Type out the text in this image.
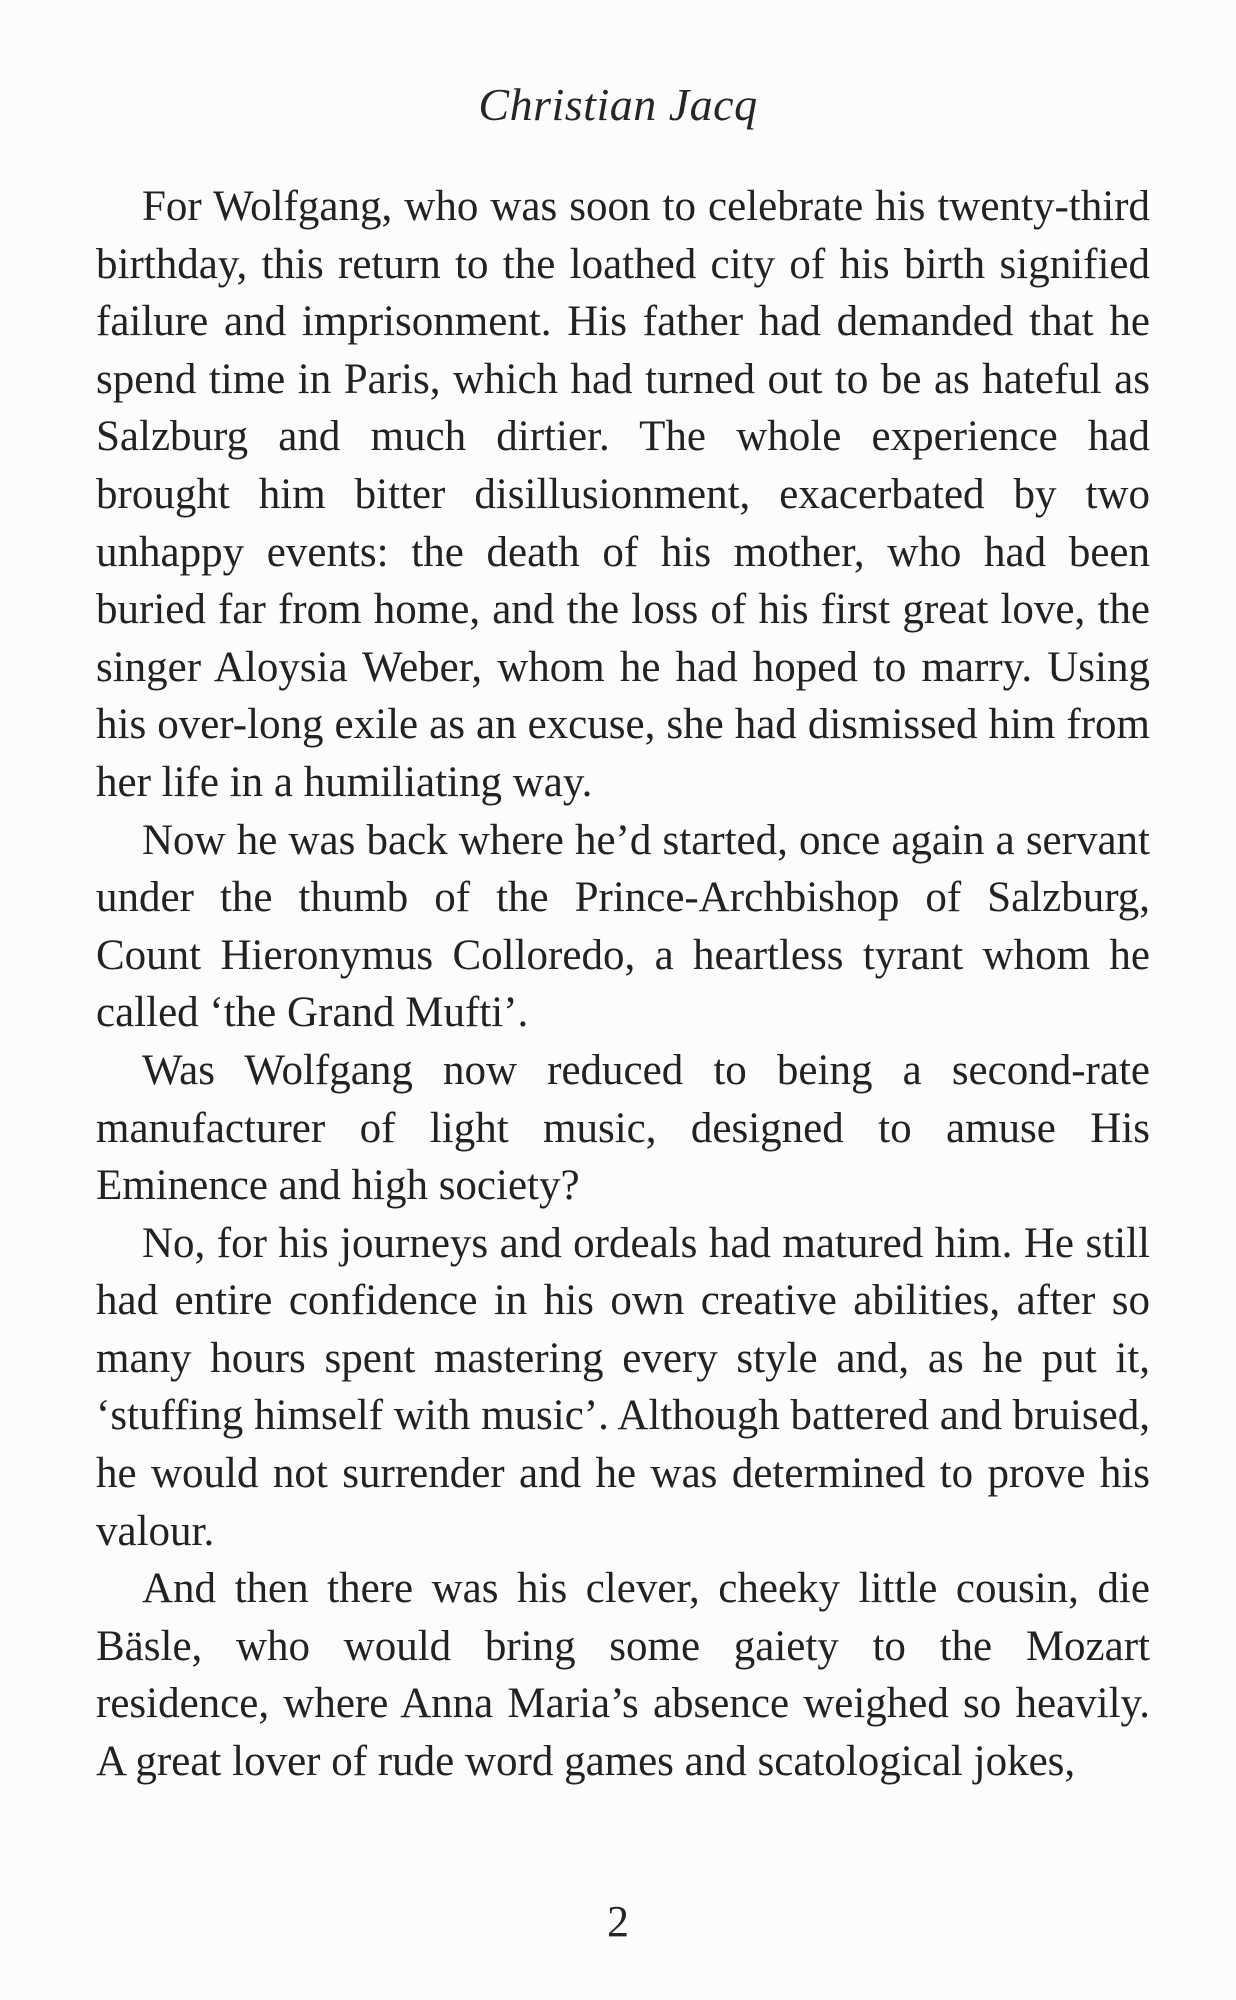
Christian Jacq

For Wolfgang, who was soon to celebrate his twenty-third birthday, this return to the loathed city of his birth signified failure and imprisonment. His father had demanded that he spend time in Paris, which had turned out to be as hateful as Salzburg and much dirtier. The whole experience had brought him bitter disillusionment, exacerbated by two unhappy events: the death of his mother, who had been buried far from home, and the loss of his first great love, the singer Aloysia Weber, whom he had hoped to marry. Using his over-long exile as an excuse, she had dismissed him from her life in a humiliating way.

Now he was back where he’d started, once again a servant under the thumb of the Prince-Archbishop of Salzburg, Count Hieronymus Colloredo, a heartless tyrant whom he called ‘the Grand Mufti’.

Was Wolfgang now reduced to being a second-rate manufacturer of light music, designed to amuse His Eminence and high society?

No, for his journeys and ordeals had matured him. He still had entire confidence in his own creative abilities, after so many hours spent mastering every style and, as he put it, ‘stuffing himself with music’. Although battered and bruised, he would not surrender and he was determined to prove his valour.

And then there was his clever, cheeky little cousin, die Bäsle, who would bring some gaiety to the Mozart residence, where Anna Maria’s absence weighed so heavily. A great lover of rude word games and scatological jokes,

2
